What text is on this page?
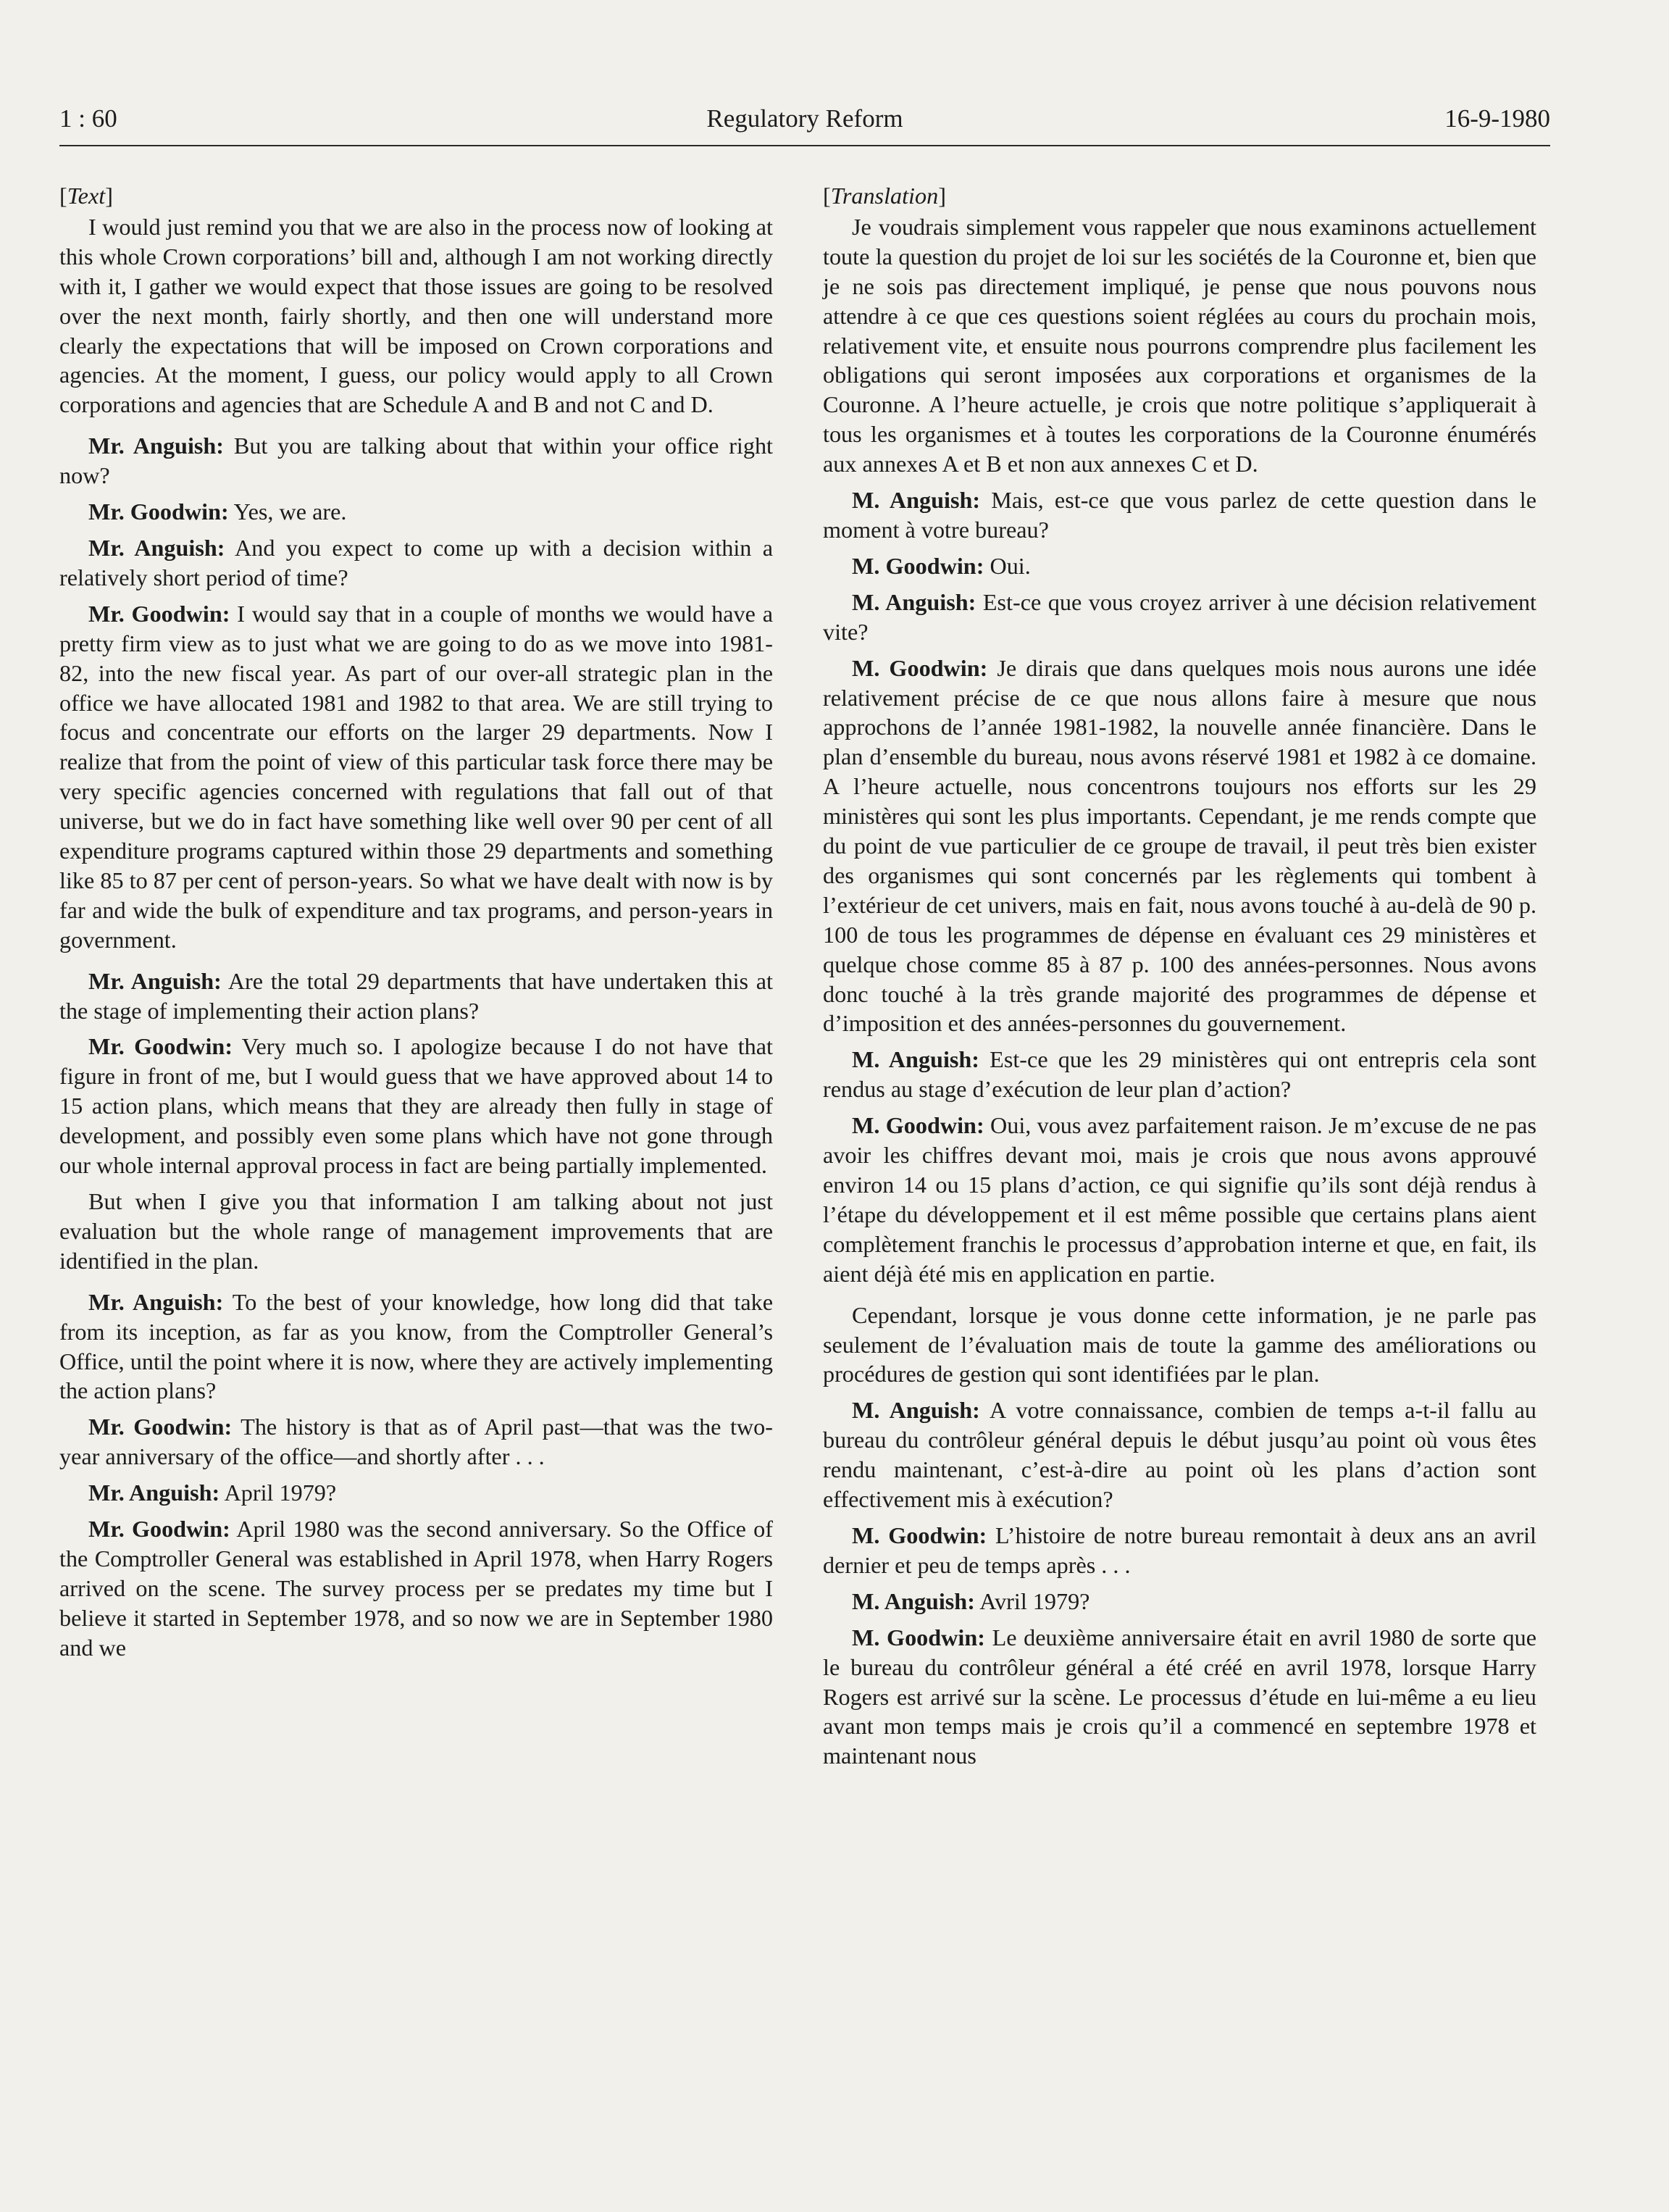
1 : 60	Regulatory Reform	16-9-1980
[Text]

I would just remind you that we are also in the process now of looking at this whole Crown corporations’ bill and, although I am not working directly with it, I gather we would expect that those issues are going to be resolved over the next month, fairly shortly, and then one will understand more clearly the expectations that will be imposed on Crown corporations and agencies. At the moment, I guess, our policy would apply to all Crown corporations and agencies that are Schedule A and B and not C and D.

Mr. Anguish: But you are talking about that within your office right now?

Mr. Goodwin: Yes, we are.

Mr. Anguish: And you expect to come up with a decision within a relatively short period of time?

Mr. Goodwin: I would say that in a couple of months we would have a pretty firm view as to just what we are going to do as we move into 1981-82, into the new fiscal year. As part of our over-all strategic plan in the office we have allocated 1981 and 1982 to that area. We are still trying to focus and concentrate our efforts on the larger 29 departments. Now I realize that from the point of view of this particular task force there may be very specific agencies concerned with regulations that fall out of that universe, but we do in fact have something like well over 90 per cent of all expenditure programs captured within those 29 departments and something like 85 to 87 per cent of person-years. So what we have dealt with now is by far and wide the bulk of expenditure and tax programs, and person-years in government.

Mr. Anguish: Are the total 29 departments that have undertaken this at the stage of implementing their action plans?

Mr. Goodwin: Very much so. I apologize because I do not have that figure in front of me, but I would guess that we have approved about 14 to 15 action plans, which means that they are already then fully in stage of development, and possibly even some plans which have not gone through our whole internal approval process in fact are being partially implemented.

But when I give you that information I am talking about not just evaluation but the whole range of management improvements that are identified in the plan.

Mr. Anguish: To the best of your knowledge, how long did that take from its inception, as far as you know, from the Comptroller General’s Office, until the point where it is now, where they are actively implementing the action plans?

Mr. Goodwin: The history is that as of April past—that was the two-year anniversary of the office—and shortly after . . .

Mr. Anguish: April 1979?

Mr. Goodwin: April 1980 was the second anniversary. So the Office of the Comptroller General was established in April 1978, when Harry Rogers arrived on the scene. The survey process per se predates my time but I believe it started in September 1978, and so now we are in September 1980 and we

[Translation]

Je voudrais simplement vous rappeler que nous examinons actuellement toute la question du projet de loi sur les sociétés de la Couronne et, bien que je ne sois pas directement impliqué, je pense que nous pouvons nous attendre à ce que ces questions soient réglées au cours du prochain mois, relativement vite, et ensuite nous pourrons comprendre plus facilement les obligations qui seront imposées aux corporations et organismes de la Couronne. A l’heure actuelle, je crois que notre politique s’appliquerait à tous les organismes et à toutes les corporations de la Couronne énumérés aux annexes A et B et non aux annexes C et D.

M. Anguish: Mais, est-ce que vous parlez de cette question dans le moment à votre bureau?

M. Goodwin: Oui.

M. Anguish: Est-ce que vous croyez arriver à une décision relativement vite?

M. Goodwin: Je dirais que dans quelques mois nous aurons une idée relativement précise de ce que nous allons faire à mesure que nous approchons de l’année 1981-1982, la nouvelle année financière. Dans le plan d’ensemble du bureau, nous avons réservé 1981 et 1982 à ce domaine. A l’heure actuelle, nous concentrons toujours nos efforts sur les 29 ministères qui sont les plus importants. Cependant, je me rends compte que du point de vue particulier de ce groupe de travail, il peut très bien exister des organismes qui sont concernés par les règlements qui tombent à l’extérieur de cet univers, mais en fait, nous avons touché à au-delà de 90 p. 100 de tous les programmes de dépense en évaluant ces 29 ministères et quelque chose comme 85 à 87 p. 100 des années-personnes. Nous avons donc touché à la très grande majorité des programmes de dépense et d’imposition et des années-personnes du gouvernement.

M. Anguish: Est-ce que les 29 ministères qui ont entrepris cela sont rendus au stage d’exécution de leur plan d’action?

M. Goodwin: Oui, vous avez parfaitement raison. Je m’excuse de ne pas avoir les chiffres devant moi, mais je crois que nous avons approuvé environ 14 ou 15 plans d’action, ce qui signifie qu’ils sont déjà rendus à l’étape du développement et il est même possible que certains plans aient complètement franchis le processus d’approbation interne et que, en fait, ils aient déjà été mis en application en partie.

Cependant, lorsque je vous donne cette information, je ne parle pas seulement de l’évaluation mais de toute la gamme des améliorations ou procédures de gestion qui sont identifiées par le plan.

M. Anguish: A votre connaissance, combien de temps a-t-il fallu au bureau du contrôleur général depuis le début jusqu’au point où vous êtes rendu maintenant, c’est-à-dire au point où les plans d’action sont effectivement mis à exécution?

M. Goodwin: L’histoire de notre bureau remontait à deux ans an avril dernier et peu de temps après . . .

M. Anguish: Avril 1979?

M. Goodwin: Le deuxième anniversaire était en avril 1980 de sorte que le bureau du contrôleur général a été créé en avril 1978, lorsque Harry Rogers est arrivé sur la scène. Le processus d’étude en lui-même a eu lieu avant mon temps mais je crois qu’il a commencé en septembre 1978 et maintenant nous
